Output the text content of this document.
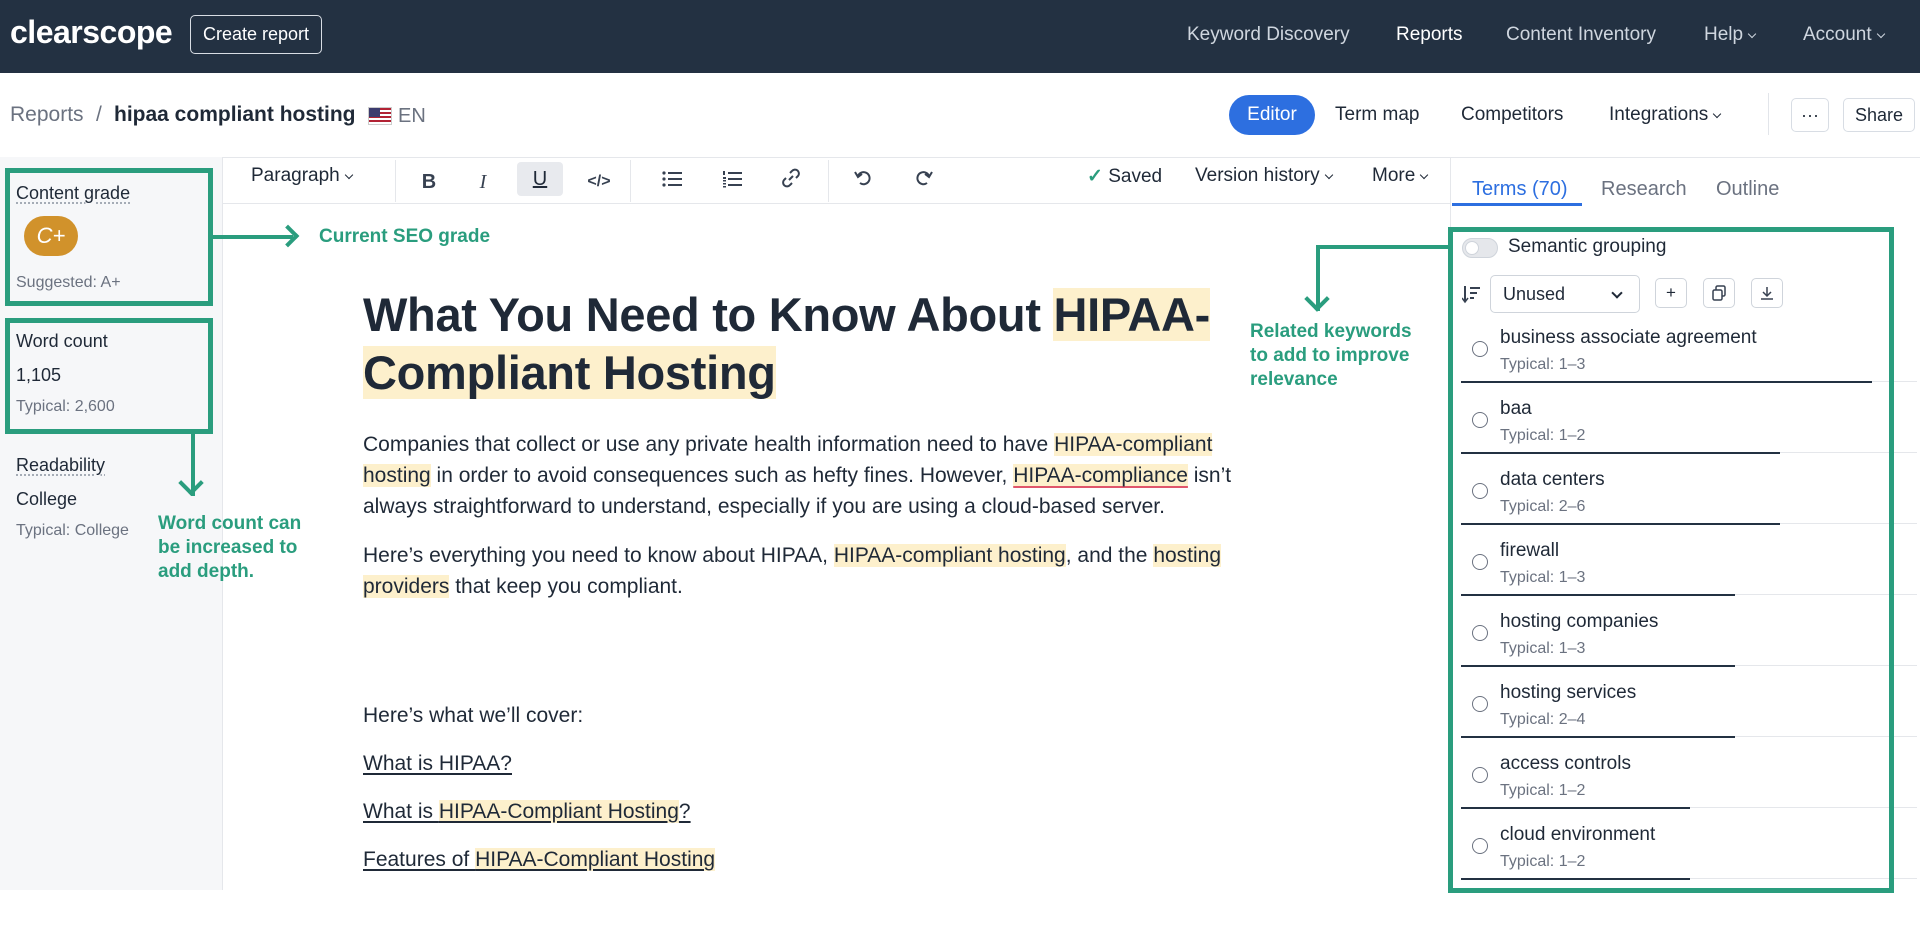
clearscope	Create report	Keyword Discovery Reports Content Inventory	Help	Account
Reports / hipaa compliant hosting EN	Editor	Term map Competitors Integrations	···	Share
Content grade
C+
Suggested: A+
Word count
1,105
Typical: 2,600
Readability
College
Typical: College
Paragraph	B	I	U	</>	✓ Saved Version history	More
What You Need to Know About HIPAA-
Compliant Hosting
Companies that collect or use any private health information need to have HIPAA-compliant
hosting in order to avoid consequences such as hefty fines. However, HIPAA-compliance isn’t
always straightforward to understand, especially if you are using a cloud-based server.
Here’s everything you need to know about HIPAA, HIPAA-compliant hosting, and the hosting
providers that keep you compliant.
Here’s what we’ll cover:
What is HIPAA?
What is HIPAA-Compliant Hosting?
Features of HIPAA-Compliant Hosting
Terms (70) Research Outline
Semantic grouping
Unused	+
business associate agreement
Typical: 1–3
baa
Typical: 1–2
data centers
Typical: 2–6
firewall
Typical: 1–3
hosting companies
Typical: 1–3
hosting services
Typical: 2–4
access controls
Typical: 1–2
cloud environment
Typical: 1–2
Current SEO grade
Word count can
be increased to
add depth.
Related keywords
to add to improve
relevance
